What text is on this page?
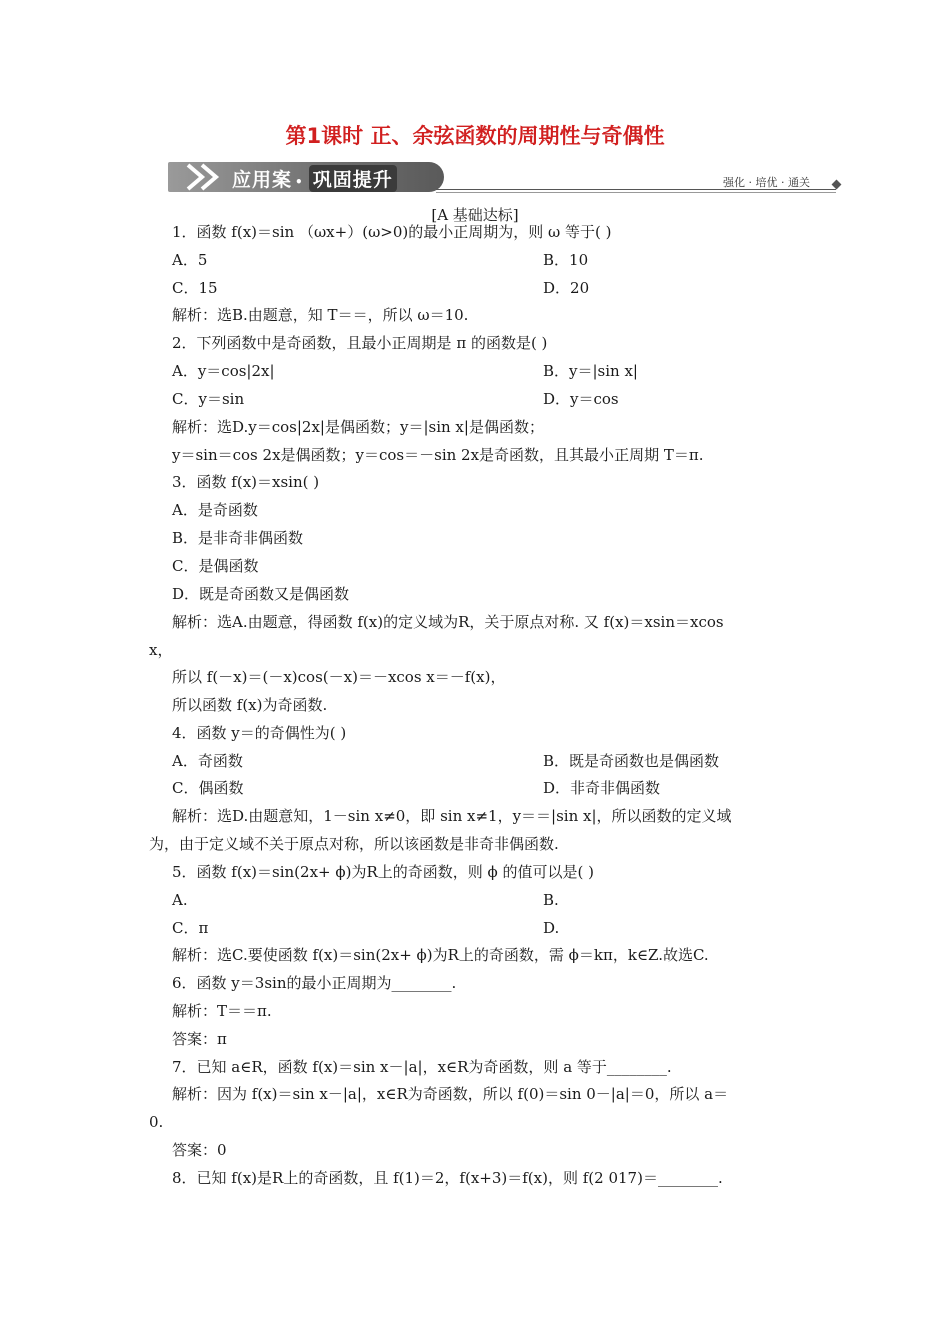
第1课时 正、余弦函数的周期性与奇偶性
应用案 • 巩固提升	强化 · 培优 · 通关
[A 基础达标]
1．函数 f(x)＝sin （ωx+）(ω>0)的最小正周期为，则 ω 等于( )
A．5	B．10
C．15	D．20
解析：选B.由题意，知 T＝＝，所以 ω＝10.
2．下列函数中是奇函数，且最小正周期是 π 的函数是( )
A．y＝cos|2x|	B．y＝|sin x|
C．y＝sin	D．y＝cos
解析：选D.y＝cos|2x|是偶函数；y＝|sin x|是偶函数；
y＝sin＝cos 2x是偶函数；y＝cos＝－sin 2x是奇函数，且其最小正周期 T＝π.
3．函数 f(x)＝xsin( )
A．是奇函数
B．是非奇非偶函数
C．是偶函数
D．既是奇函数又是偶函数
解析：选A.由题意，得函数 f(x)的定义域为R，关于原点对称. 又 f(x)＝xsin＝xcos
x，
所以 f(－x)＝(－x)cos(－x)＝－xcos x＝－f(x)，
所以函数 f(x)为奇函数.
4．函数 y＝的奇偶性为( )
A．奇函数	B．既是奇函数也是偶函数
C．偶函数	D．非奇非偶函数
解析：选D.由题意知，1－sin x≠0，即 sin x≠1，y＝＝|sin x|，所以函数的定义域
为，由于定义域不关于原点对称，所以该函数是非奇非偶函数.
5．函数 f(x)＝sin(2x+ ϕ)为R上的奇函数，则 ϕ 的值可以是( )
A.	B.
C．π	D.
解析：选C.要使函数 f(x)＝sin(2x+ ϕ)为R上的奇函数，需 ϕ＝kπ，k∈Z.故选C.
6．函数 y＝3sin的最小正周期为________.
解析：T＝＝π.
答案：π
7．已知 a∈R，函数 f(x)＝sin x－|a|，x∈R为奇函数，则 a 等于________.
解析：因为 f(x)＝sin x－|a|，x∈R为奇函数，所以 f(0)＝sin 0－|a|＝0，所以 a＝
0.
答案：0
8．已知 f(x)是R上的奇函数，且 f(1)＝2，f(x+3)＝f(x)，则 f(2 017)＝________.
